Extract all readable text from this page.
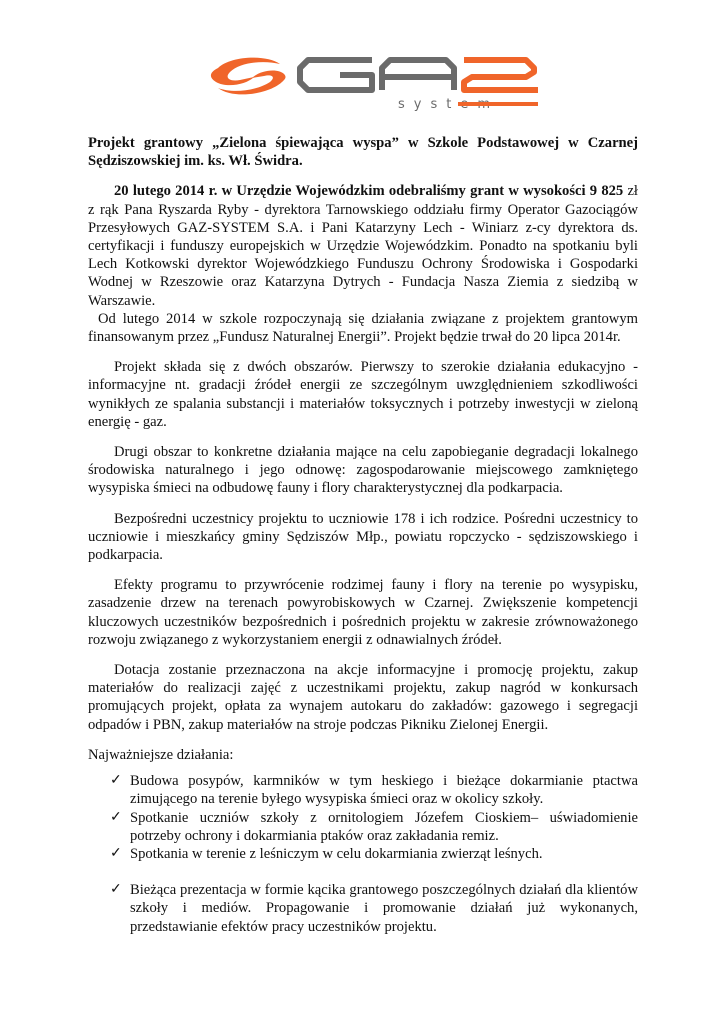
system

Projekt grantowy „Zielona śpiewająca wyspa” w Szkole Podstawowej w Czarnej Sędziszowskiej im. ks. Wł. Świdra.

20 lutego 2014 r. w Urzędzie Wojewódzkim odebraliśmy grant w wysokości 9 825 zł z rąk Pana Ryszarda Ryby - dyrektora Tarnowskiego oddziału firmy Operator Gazociągów Przesyłowych GAZ-SYSTEM S.A. i Pani Katarzyny Lech - Winiarz z-cy dyrektora ds. certyfikacji i funduszy europejskich w Urzędzie Wojewódzkim. Ponadto na spotkaniu byli Lech Kotkowski dyrektor Wojewódzkiego Funduszu Ochrony Środowiska i Gospodarki Wodnej w Rzeszowie oraz Katarzyna Dytrych - Fundacja Nasza Ziemia z siedzibą w Warszawie.

Od lutego 2014 w szkole rozpoczynają się działania związane z projektem grantowym finansowanym przez „Fundusz Naturalnej Energii”. Projekt będzie trwał do 20 lipca 2014r.

Projekt składa się z dwóch obszarów. Pierwszy to szerokie działania edukacyjno - informacyjne nt. gradacji źródeł energii ze szczególnym uwzględnieniem szkodliwości wynikłych ze spalania substancji i materiałów toksycznych i potrzeby inwestycji w zieloną energię - gaz.

Drugi obszar to konkretne działania mające na celu zapobieganie degradacji lokalnego środowiska naturalnego i jego odnowę: zagospodarowanie miejscowego zamkniętego wysypiska śmieci na odbudowę fauny i flory charakterystycznej dla podkarpacia.

Bezpośredni uczestnicy projektu to uczniowie 178 i ich rodzice. Pośredni uczestnicy to uczniowie i mieszkańcy gminy Sędziszów Młp., powiatu ropczycko - sędziszowskiego i podkarpacia.

Efekty programu to przywrócenie rodzimej fauny i flory na terenie po wysypisku, zasadzenie drzew na terenach powyrobiskowych w Czarnej. Zwiększenie kompetencji kluczowych uczestników bezpośrednich i pośrednich projektu w zakresie zrównoważonego rozwoju związanego z wykorzystaniem energii z odnawialnych źródeł.

Dotacja zostanie przeznaczona na akcje informacyjne i promocję projektu, zakup materiałów do realizacji zajęć z uczestnikami projektu, zakup nagród w konkursach promujących projekt, opłata za wynajem autokaru do zakładów: gazowego i segregacji odpadów i PBN, zakup materiałów na stroje podczas Pikniku Zielonej Energii.

Najważniejsze działania:

✓ Budowa posypów, karmników w tym heskiego i bieżące dokarmianie ptactwa zimującego na terenie byłego wysypiska śmieci oraz w okolicy szkoły.
✓ Spotkanie uczniów szkoły z ornitologiem Józefem Cioskiem– uświadomienie potrzeby ochrony i dokarmiania ptaków oraz zakładania remiz.
✓ Spotkania w terenie z leśniczym w celu dokarmiania zwierząt leśnych.
✓ Bieżąca prezentacja w formie kącika grantowego poszczególnych działań dla klientów szkoły i mediów. Propagowanie i promowanie działań już wykonanych, przedstawianie efektów pracy uczestników projektu.
